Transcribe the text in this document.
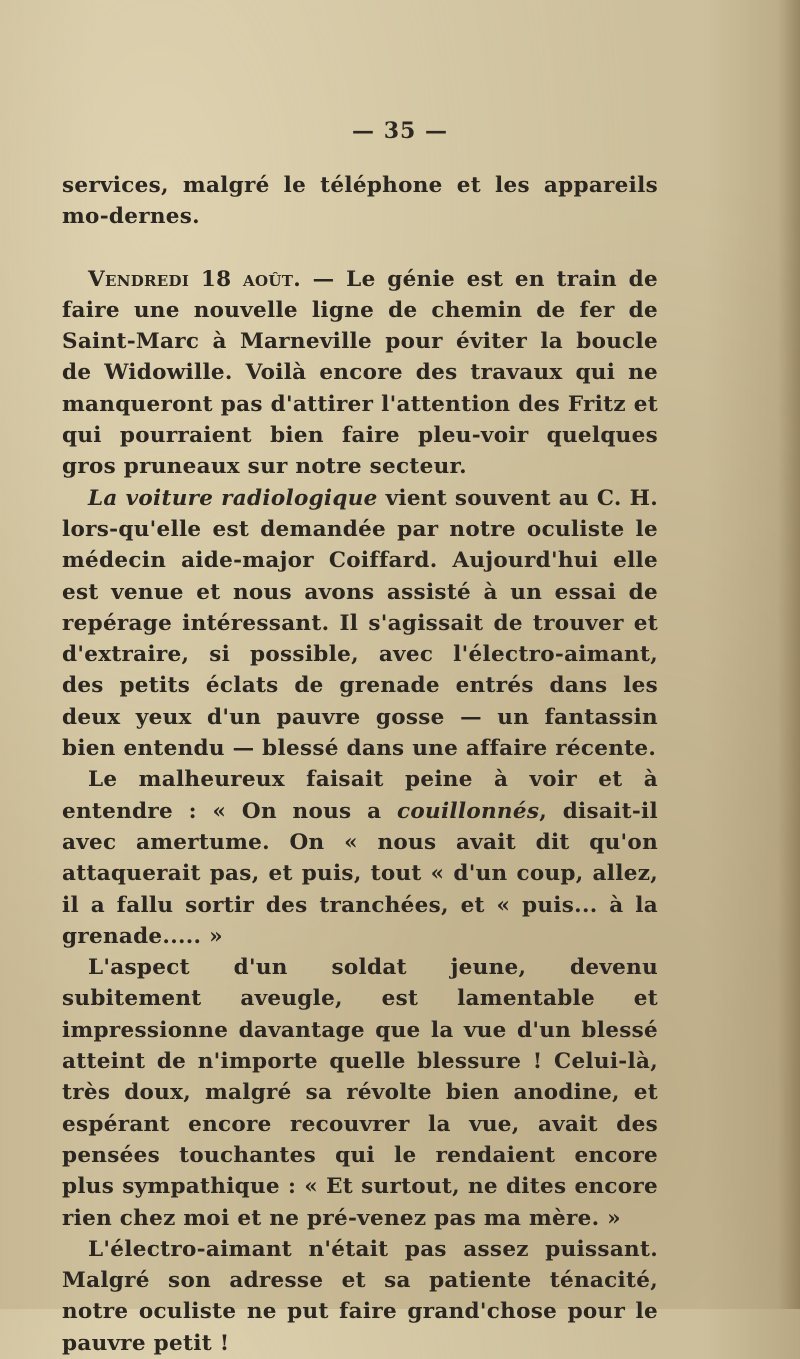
— 35 —

services, malgré le téléphone et les appareils mo-dernes.

Vendredi 18 août. — Le génie est en train de faire une nouvelle ligne de chemin de fer de Saint-Marc à Marneville pour éviter la boucle de Widowille. Voilà encore des travaux qui ne manqueront pas d'attirer l'attention des Fritz et qui pourraient bien faire pleu-voir quelques gros pruneaux sur notre secteur.

La voiture radiologique vient souvent au C. H. lors-qu'elle est demandée par notre oculiste le médecin aide-major Coiffard. Aujourd'hui elle est venue et nous avons assisté à un essai de repérage intéressant. Il s'agissait de trouver et d'extraire, si possible, avec l'électro-aimant, des petits éclats de grenade entrés dans les deux yeux d'un pauvre gosse — un fantassin bien entendu — blessé dans une affaire récente.

Le malheureux faisait peine à voir et à entendre : « On nous a couillonnés, disait-il avec amertume. On « nous avait dit qu'on attaquerait pas, et puis, tout « d'un coup, allez, il a fallu sortir des tranchées, et « puis... à la grenade..... »

L'aspect d'un soldat jeune, devenu subitement aveugle, est lamentable et impressionne davantage que la vue d'un blessé atteint de n'importe quelle blessure ! Celui-là, très doux, malgré sa révolte bien anodine, et espérant encore recouvrer la vue, avait des pensées touchantes qui le rendaient encore plus sympathique : « Et surtout, ne dites encore rien chez moi et ne pré-venez pas ma mère. »

L'électro-aimant n'était pas assez puissant. Malgré son adresse et sa patiente ténacité, notre oculiste ne put faire grand'chose pour le pauvre petit !
